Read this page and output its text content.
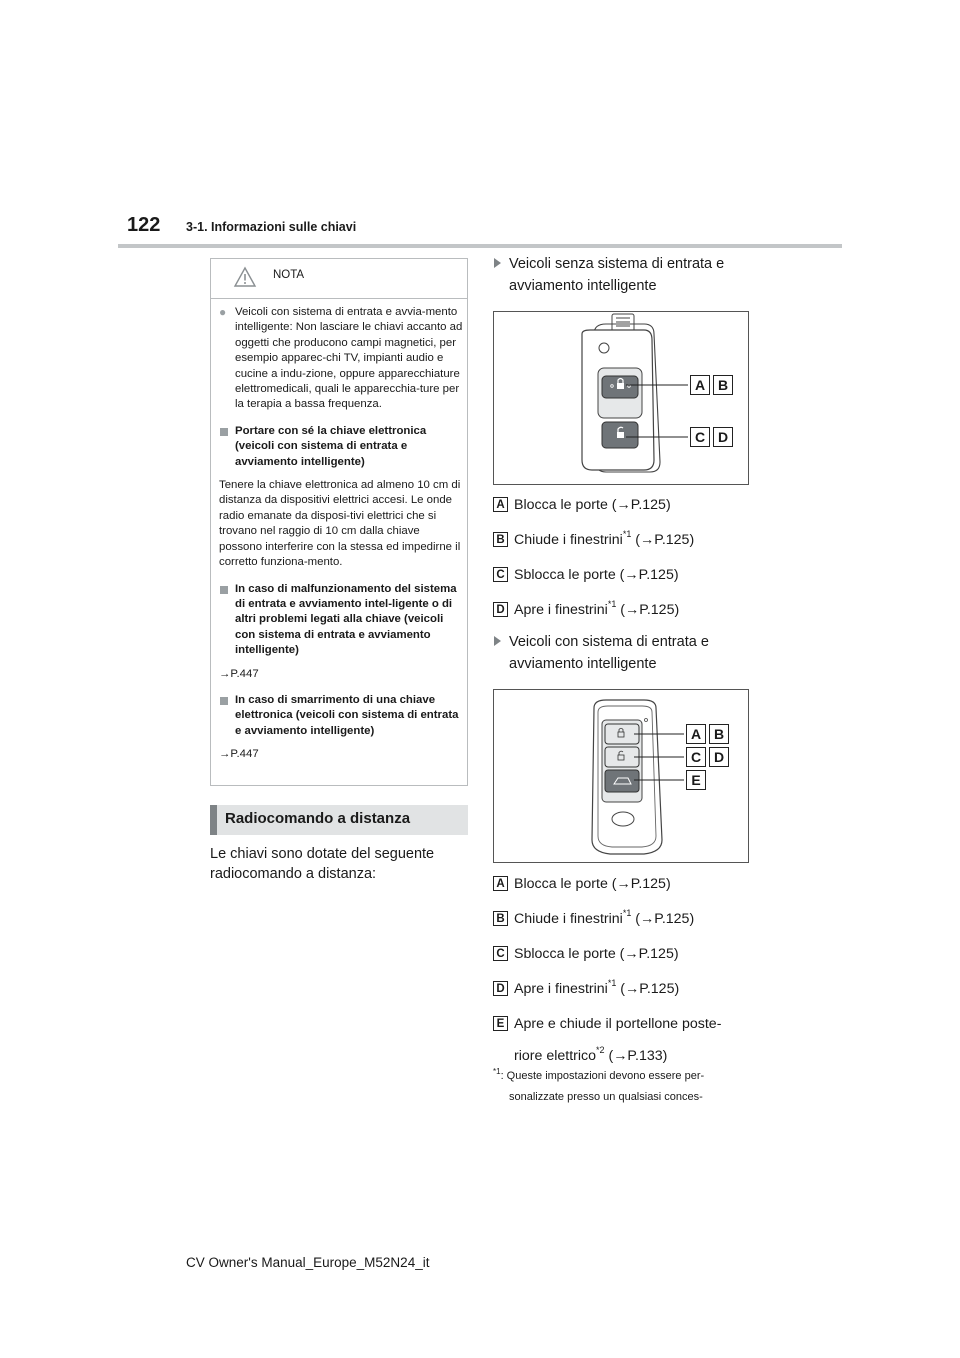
122 3-1. Informazioni sulle chiavi
NOTA
● Veicoli con sistema di entrata e avvia-mento intelligente: Non lasciare le chiavi accanto ad oggetti che producono campi magnetici, per esempio apparec-chi TV, impianti audio e cucine a indu-zione, oppure apparecchiature elettromedicali, quali le apparecchia-ture per la terapia a bassa frequenza.
Portare con sé la chiave elettronica (veicoli con sistema di entrata e avviamento intelligente)
Tenere la chiave elettronica ad almeno 10 cm di distanza da dispositivi elettrici accesi. Le onde radio emanate da disposi-tivi elettrici che si trovano nel raggio di 10 cm dalla chiave possono interferire con la stessa ed impedirne il corretto funziona-mento.
In caso di malfunzionamento del sistema di entrata e avviamento intel-ligente o di altri problemi legati alla chiave (veicoli con sistema di entrata e avviamento intelligente)
→P.447
In caso di smarrimento di una chiave elettronica (veicoli con sistema di entrata e avviamento intelligente)
→P.447
Radiocomando a distanza
Le chiavi sono dotate del seguente radiocomando a distanza:
Veicoli senza sistema di entrata e
avviamento intelligente
A B
C D
A Blocca le porte (→P.125)
B Chiude i finestrini$^{*1}$ (→P.125)
C Sblocca le porte (→P.125)
D Apre i finestrini$^{*1}$ (→P.125)
Veicoli con sistema di entrata e
avviamento intelligente
A B
C D
E
A Blocca le porte (→P.125)
B Chiude i finestrini$^{*1}$ (→P.125)
C Sblocca le porte (→P.125)
D Apre i finestrini$^{*1}$ (→P.125)
E Apre e chiude il portellone poste-
riore elettrico$^{*2}$ (→P.133)
$^{*1}$: Queste impostazioni devono essere per-
sonalizzate presso un qualsiasi conces-
CV Owner's Manual_Europe_M52N24_it
